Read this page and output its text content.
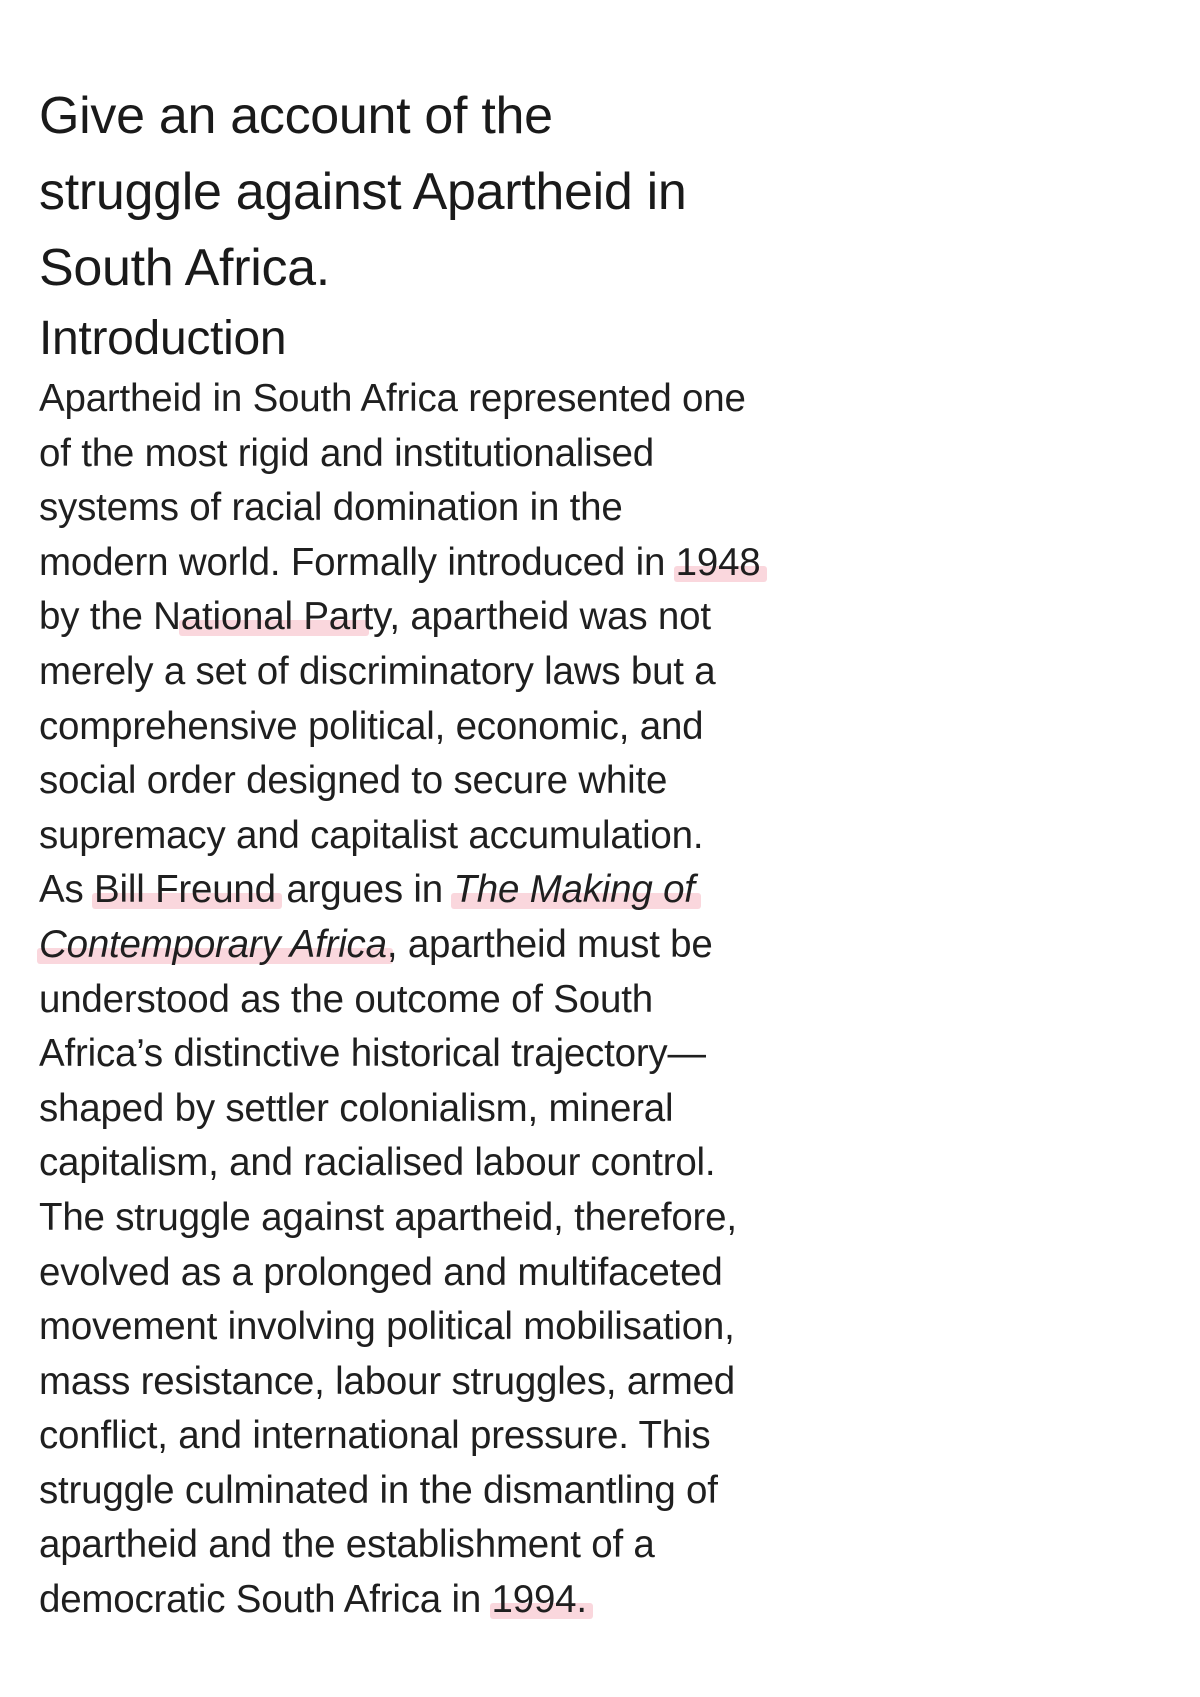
Give an account of the
struggle against Apartheid in
South Africa.
Introduction

Apartheid in South Africa represented one
of the most rigid and institutionalised
systems of racial domination in the
modern world. Formally introduced in 1948
by the National Party, apartheid was not
merely a set of discriminatory laws but a
comprehensive political, economic, and
social order designed to secure white
supremacy and capitalist accumulation.
As Bill Freund argues in The Making of
Contemporary Africa, apartheid must be
understood as the outcome of South
Africa’s distinctive historical trajectory—
shaped by settler colonialism, mineral
capitalism, and racialised labour control.
The struggle against apartheid, therefore,
evolved as a prolonged and multifaceted
movement involving political mobilisation,
mass resistance, labour struggles, armed
conflict, and international pressure. This
struggle culminated in the dismantling of
apartheid and the establishment of a
democratic South Africa in 1994.
